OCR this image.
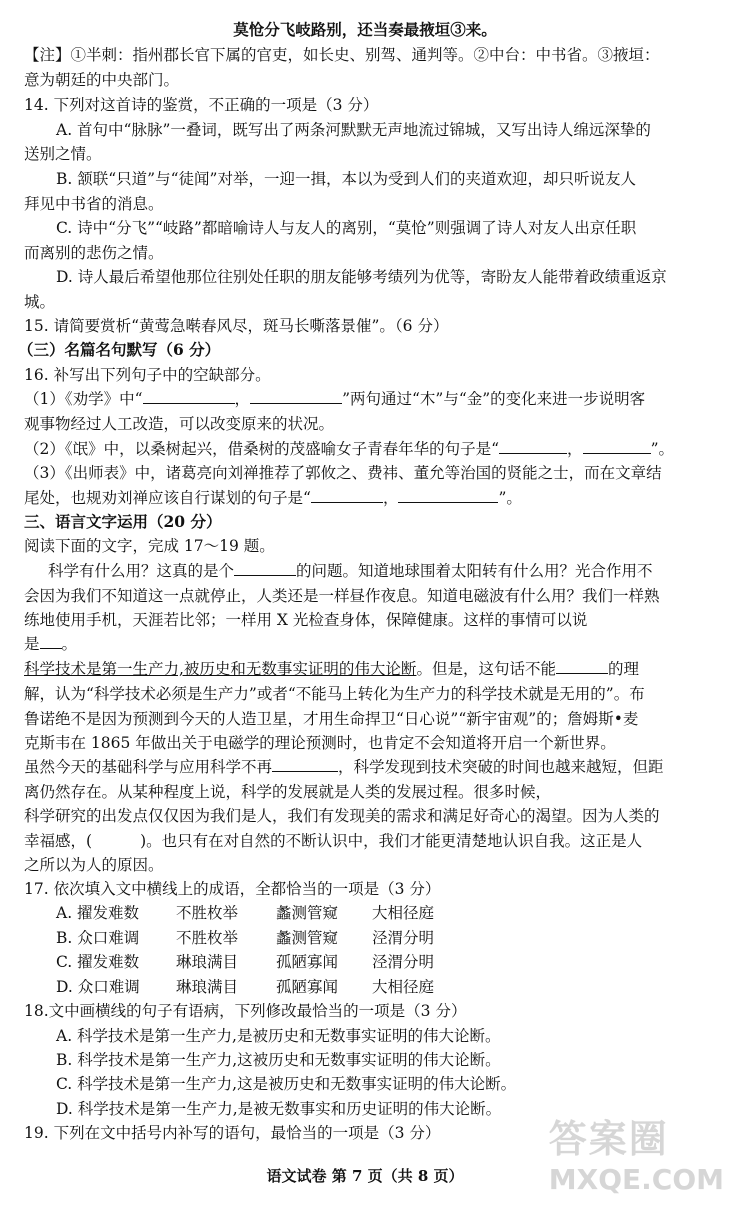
莫怆分飞岐路别，还当奏最掖垣③来。
【注】①半刺：指州郡长官下属的官吏，如长史、别驾、通判等。②中台：中书省。③掖垣：
意为朝廷的中央部门。
14. 下列对这首诗的鉴赏，不正确的一项是（3 分）
A. 首句中“脉脉”一叠词，既写出了两条河默默无声地流过锦城，又写出诗人绵远深挚的
送别之情。
B. 颔联“只道”与“徒闻”对举，一迎一揖，本以为受到人们的夹道欢迎，却只听说友人
拜见中书省的消息。
C. 诗中“分飞”“岐路”都暗喻诗人与友人的离别，“莫怆”则强调了诗人对友人出京任职
而离别的悲伤之情。
D. 诗人最后希望他那位往别处任职的朋友能够考绩列为优等，寄盼友人能带着政绩重返京
城。
15. 请简要赏析“黄莺急啭春风尽，斑马长嘶落景催”。（6 分）
（三）名篇名句默写（6 分）
16. 补写出下列句子中的空缺部分。
（1）《劝学》中“	，	”两句通过“木”与“金”的变化来进一步说明客
观事物经过人工改造，可以改变原来的状况。
（2）《氓》中，以桑树起兴，借桑树的茂盛喻女子青春年华的句子是“	，	”。
（3）《出师表》中，诸葛亮向刘禅推荐了郭攸之、费祎、董允等治国的贤能之士，而在文章结
尾处，也规劝刘禅应该自行谋划的句子是“	，	”。
三、语言文字运用（20 分）
阅读下面的文字，完成 17～19 题。
科学有什么用？这真的是个	的问题。知道地球围着太阳转有什么用？光合作用不
会因为我们不知道这一点就停止，人类还是一样昼作夜息。知道电磁波有什么用？我们一样熟
练地使用手机，天涯若比邻；一样用 X 光检查身体，保障健康。这样的事情可以说
是 。
科学技术是第一生产力,被历史和无数事实证明的伟大论断。但是，这句话不能	的理
解，认为“科学技术必须是生产力”或者“不能马上转化为生产力的科学技术就是无用的”。布
鲁诺绝不是因为预测到今天的人造卫星，才用生命捍卫“日心说”“新宇宙观”的；詹姆斯•麦
克斯韦在 1865 年做出关于电磁学的理论预测时，也肯定不会知道将开启一个新世界。
虽然今天的基础科学与应用科学不再	，科学发现到技术突破的时间也越来越短，但距
离仍然存在。从某种程度上说，科学的发展就是人类的发展过程。很多时候，
科学研究的出发点仅仅因为我们是人，我们有发现美的需求和满足好奇心的渴望。因为人类的
幸福感，(	)。也只有在对自然的不断认识中，我们才能更清楚地认识自我。这正是人
之所以为人的原因。
17. 依次填入文中横线上的成语，全都恰当的一项是（3 分）
A. 擢发难数 不胜枚举 蠡测管窥 大相径庭
B. 众口难调 不胜枚举 蠡测管窥 泾渭分明
C. 擢发难数 琳琅满目 孤陋寡闻 泾渭分明
D. 众口难调 琳琅满目 孤陋寡闻 大相径庭
18.文中画横线的句子有语病，下列修改最恰当的一项是（3 分）
A. 科学技术是第一生产力,是被历史和无数事实证明的伟大论断。
B. 科学技术是第一生产力,这被历史和无数事实证明的伟大论断。
C. 科学技术是第一生产力,这是被历史和无数事实证明的伟大论断。
D. 科学技术是第一生产力,是被无数事实和历史证明的伟大论断。
19. 下列在文中括号内补写的语句，最恰当的一项是（3 分）
语文试卷 第 7 页（共 8 页）
答案圈
MXQE.COM
